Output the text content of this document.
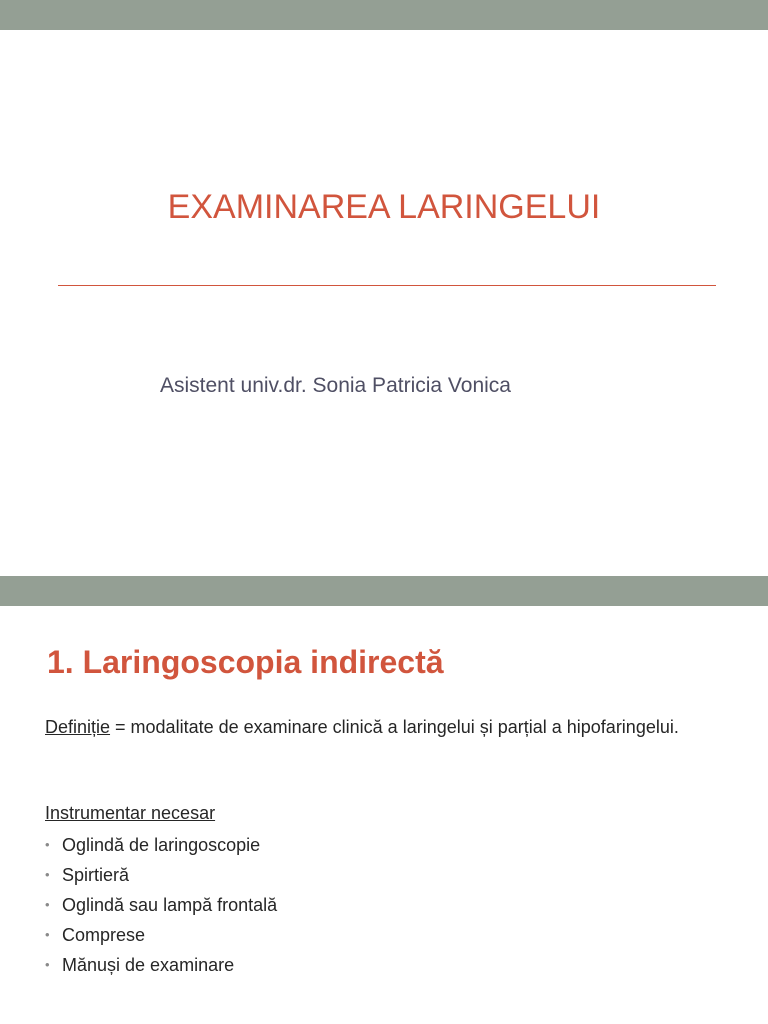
EXAMINAREA LARINGELUI
Asistent univ.dr. Sonia Patricia Vonica
1. Laringoscopia indirectă
Definiție = modalitate de examinare clinică a laringelui și parțial a hipofaringelui.
Instrumentar necesar
• Oglindă de laringoscopie
• Spirtieră
• Oglindă sau lampă frontală
• Comprese
• Mănuși de examinare
